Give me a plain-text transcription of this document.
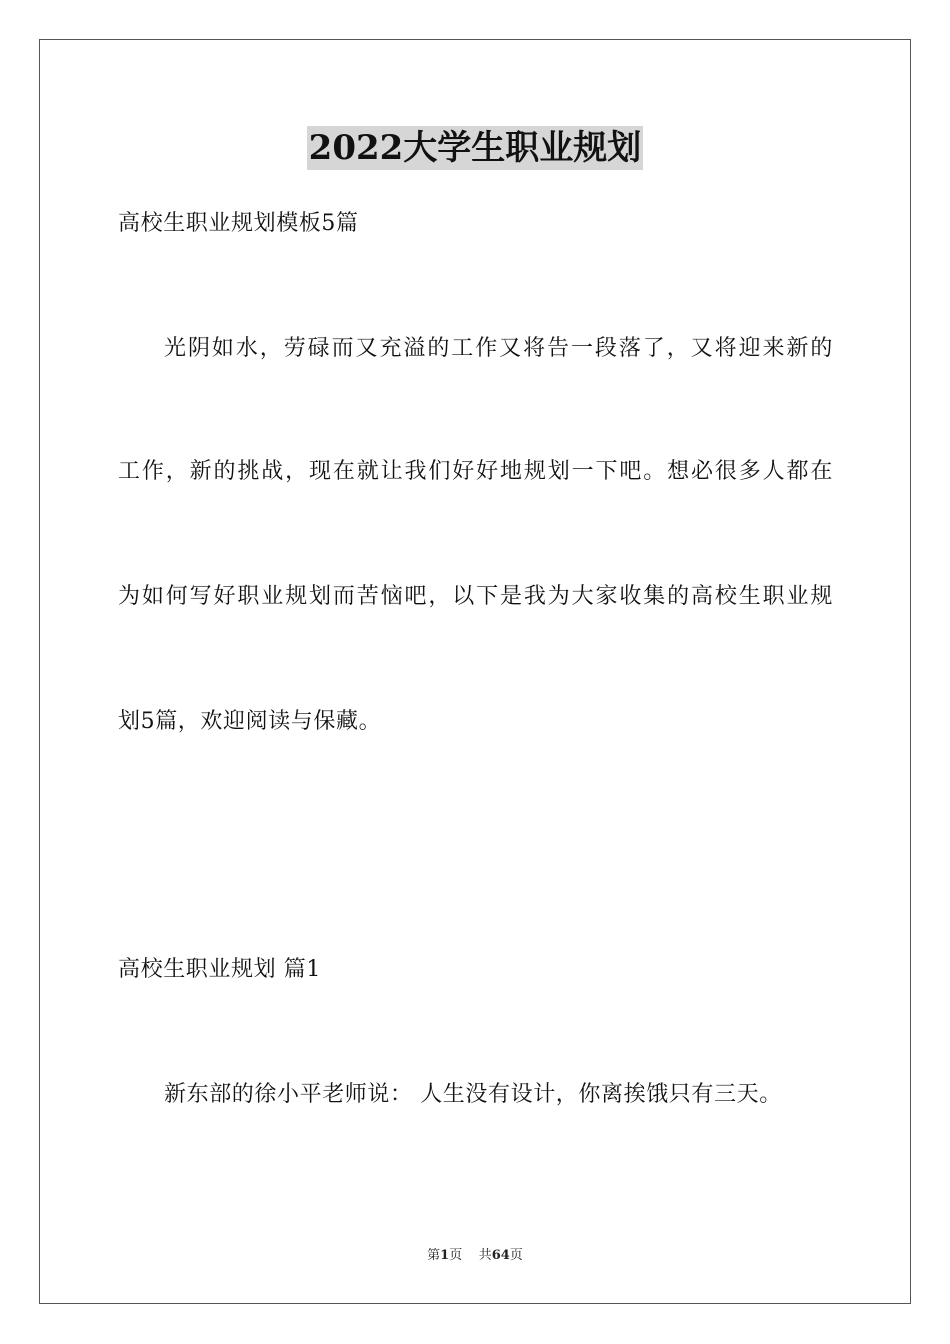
2022大学生职业规划
高校生职业规划模板5篇
光阴如水，劳碌而又充溢的工作又将告一段落了，又将迎来新的
工作，新的挑战，现在就让我们好好地规划一下吧。想必很多人都在
为如何写好职业规划而苦恼吧，以下是我为大家收集的高校生职业规
划5篇，欢迎阅读与保藏。
高校生职业规划 篇1
新东部的徐小平老师说： 人生没有设计，你离挨饿只有三天。
第1页 共64页
